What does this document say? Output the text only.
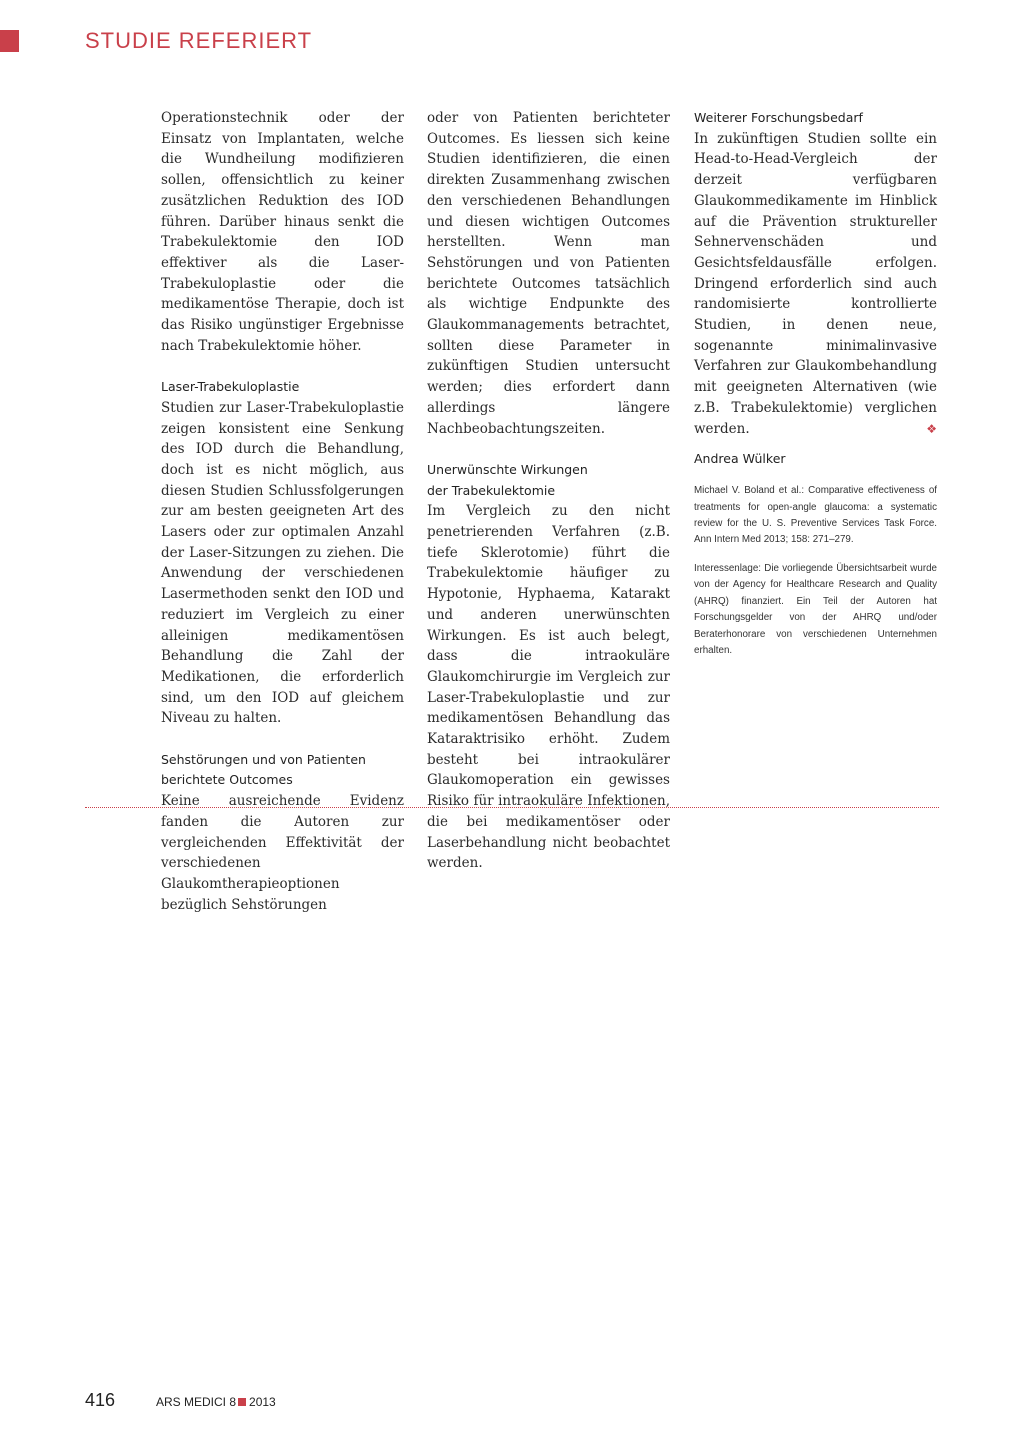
STUDIE REFERIERT

Operationstechnik oder der Einsatz von Implantaten, welche die Wundheilung modifizieren sollen, offensichtlich zu keiner zusätzlichen Reduktion des IOD führen. Darüber hinaus senkt die Trabekulektomie den IOD effektiver als die Laser-Trabekuloplastie oder die medikamentöse Therapie, doch ist das Risiko ungünstiger Ergebnisse nach Trabekulektomie höher.

Laser-Trabekuloplastie

Studien zur Laser-Trabekuloplastie zeigen konsistent eine Senkung des IOD durch die Behandlung, doch ist es nicht möglich, aus diesen Studien Schlussfolgerungen zur am besten geeigneten Art des Lasers oder zur optimalen Anzahl der Laser-Sitzungen zu ziehen. Die Anwendung der verschiedenen Lasermethoden senkt den IOD und reduziert im Vergleich zu einer alleinigen medikamentösen Behandlung die Zahl der Medikationen, die erforderlich sind, um den IOD auf gleichem Niveau zu halten.

Sehstörungen und von Patienten
berichtete Outcomes

Keine ausreichende Evidenz fanden die Autoren zur vergleichenden Effektivität der verschiedenen Glaukomtherapieoptionen bezüglich Sehstörungen

oder von Patienten berichteter Outcomes. Es liessen sich keine Studien identifizieren, die einen direkten Zusammenhang zwischen den verschiedenen Behandlungen und diesen wichtigen Outcomes herstellten. Wenn man Sehstörungen und von Patienten berichtete Outcomes tatsächlich als wichtige Endpunkte des Glaukommanagements betrachtet, sollten diese Parameter in zukünftigen Studien untersucht werden; dies erfordert dann allerdings längere Nachbeobachtungszeiten.

Unerwünschte Wirkungen
der Trabekulektomie

Im Vergleich zu den nicht penetrierenden Verfahren (z.B. tiefe Sklerotomie) führt die Trabekulektomie häufiger zu Hypotonie, Hyphaema, Katarakt und anderen unerwünschten Wirkungen. Es ist auch belegt, dass die intraokuläre Glaukomchirurgie im Vergleich zur Laser-Trabekuloplastie und zur medikamentösen Behandlung das Kataraktrisiko erhöht. Zudem besteht bei intraokulärer Glaukomoperation ein gewisses Risiko für intraokuläre Infektionen, die bei medikamentöser oder Laserbehandlung nicht beobachtet werden.

Weiterer Forschungsbedarf

In zukünftigen Studien sollte ein Head-to-Head-Vergleich der derzeit verfügbaren Glaukommedikamente im Hinblick auf die Prävention struktureller Sehnervenschäden und Gesichtsfeldausfälle erfolgen. Dringend erforderlich sind auch randomisierte kontrollierte Studien, in denen neue, sogenannte minimalinvasive Verfahren zur Glaukombehandlung mit geeigneten Alternativen (wie z.B. Trabekulektomie) verglichen werden.	❖

Andrea Wülker

Michael V. Boland et al.: Comparative effectiveness of treatments for open-angle glaucoma: a systematic review for the U. S. Preventive Services Task Force. Ann Intern Med 2013; 158: 271–279.

Interessenlage: Die vorliegende Übersichtsarbeit wurde von der Agency for Healthcare Research and Quality (AHRQ) finanziert. Ein Teil der Autoren hat Forschungsgelder von der AHRQ und/oder Beraterhonorare von verschiedenen Unternehmen erhalten.

416	ARS MEDICI 8 2013
